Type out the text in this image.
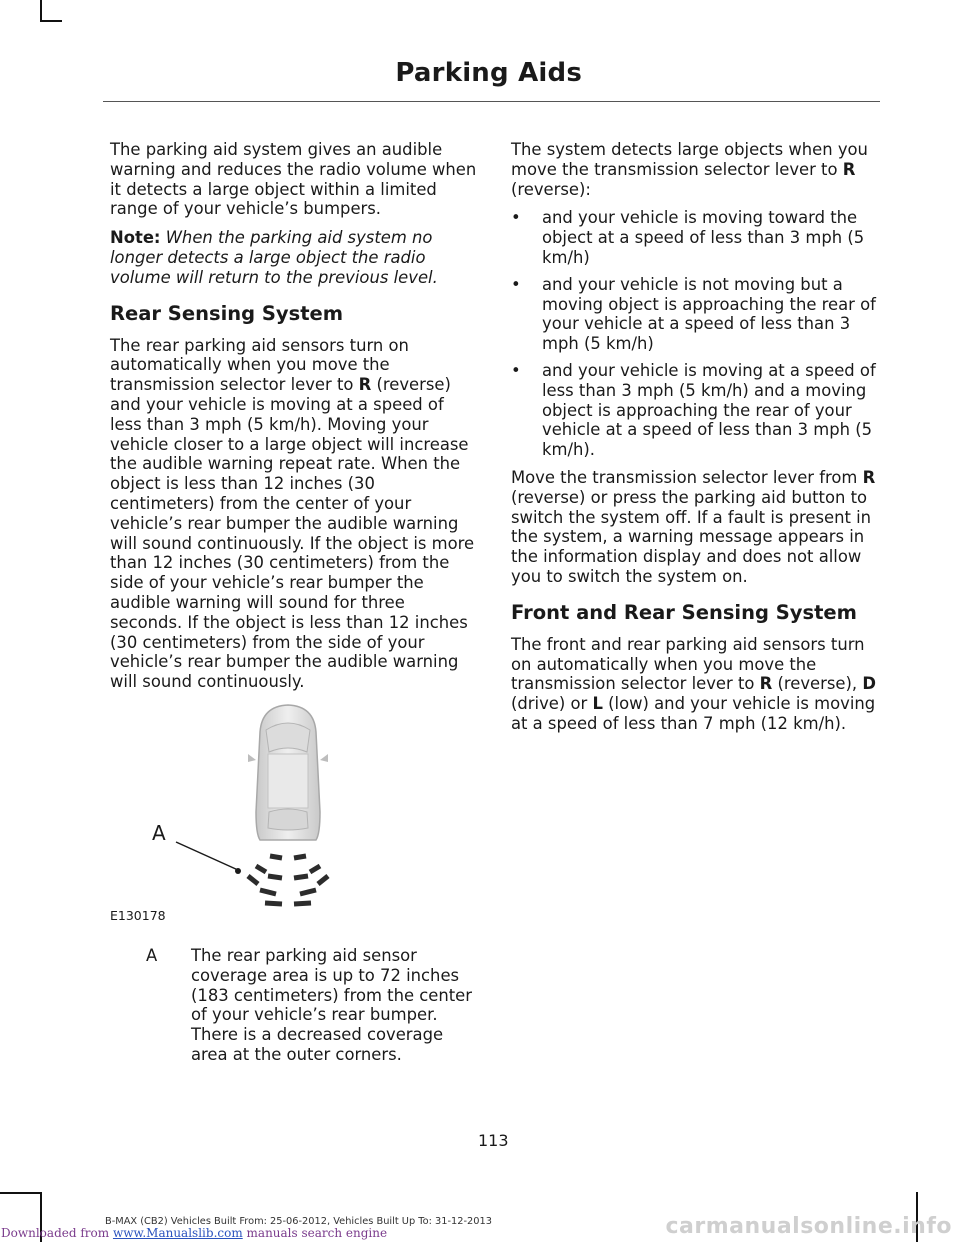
Parking Aids

The parking aid system gives an audible warning and reduces the radio volume when it detects a large object within a limited range of your vehicle’s bumpers.

Note: When the parking aid system no longer detects a large object the radio volume will return to the previous level.

Rear Sensing System

The rear parking aid sensors turn on automatically when you move the transmission selector lever to R (reverse) and your vehicle is moving at a speed of less than 3 mph (5 km/h). Moving your vehicle closer to a large object will increase the audible warning repeat rate. When the object is less than 12 inches (30 centimeters) from the center of your vehicle’s rear bumper the audible warning will sound continuously. If the object is more than 12 inches (30 centimeters) from the side of your vehicle’s rear bumper the audible warning will sound for three seconds. If the object is less than 12 inches (30 centimeters) from the side of your vehicle’s rear bumper the audible warning will sound continuously.

A
E130178
A The rear parking aid sensor coverage area is up to 72 inches (183 centimeters) from the center of your vehicle’s rear bumper. There is a decreased coverage area at the outer corners.

The system detects large objects when you move the transmission selector lever to R (reverse):

• and your vehicle is moving toward the object at a speed of less than 3 mph (5 km/h)
• and your vehicle is not moving but a moving object is approaching the rear of your vehicle at a speed of less than 3 mph (5 km/h)
• and your vehicle is moving at a speed of less than 3 mph (5 km/h) and a moving object is approaching the rear of your vehicle at a speed of less than 3 mph (5 km/h).

Move the transmission selector lever from R (reverse) or press the parking aid button to switch the system off. If a fault is present in the system, a warning message appears in the information display and does not allow you to switch the system on.

Front and Rear Sensing System

The front and rear parking aid sensors turn on automatically when you move the transmission selector lever to R (reverse), D (drive) or L (low) and your vehicle is moving at a speed of less than 7 mph (12 km/h).

113
B-MAX (CB2) Vehicles Built From: 25-06-2012, Vehicles Built Up To: 31-12-2013
Downloaded from www.Manualslib.com manuals search engine	carmanualsonline.info
